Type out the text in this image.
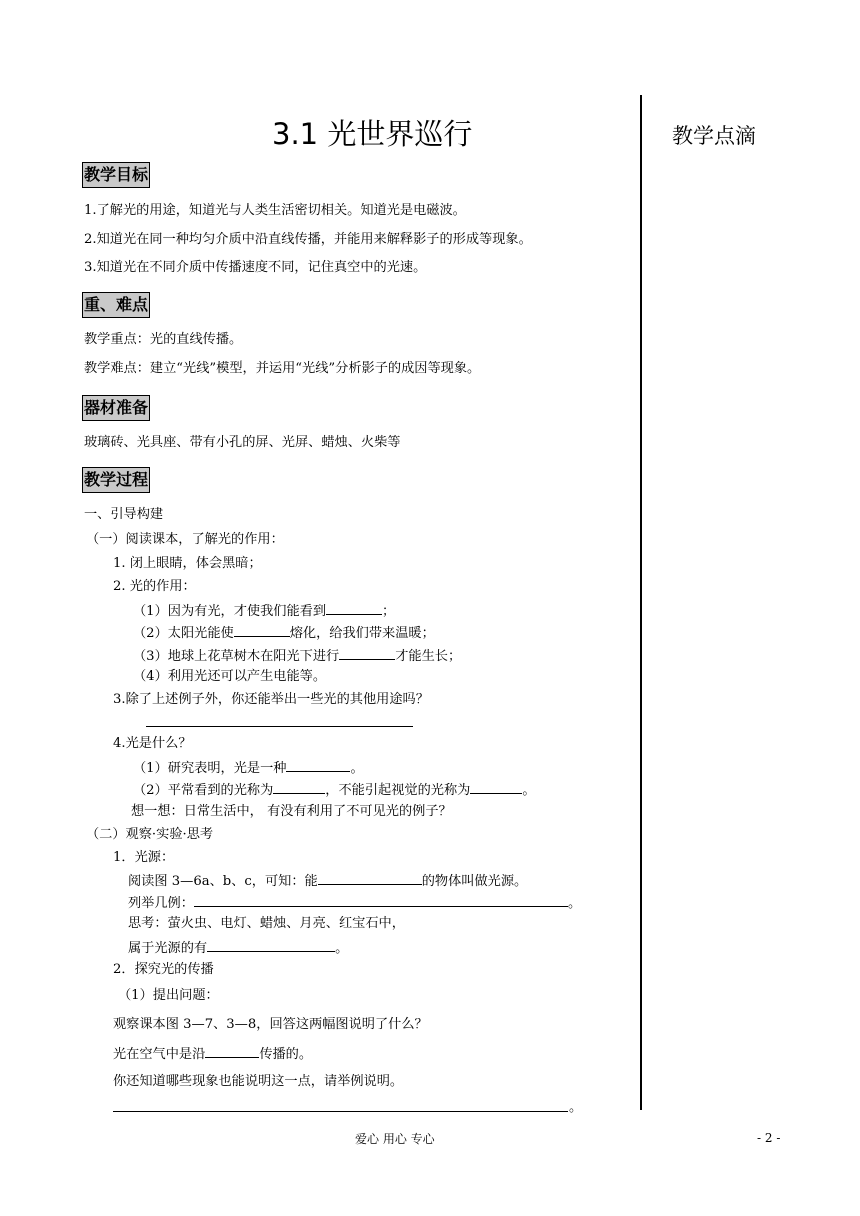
3.1 光世界巡行	教学点滴
教学目标
1.了解光的用途，知道光与人类生活密切相关。知道光是电磁波。
2.知道光在同一种均匀介质中沿直线传播，并能用来解释影子的形成等现象。
3.知道光在不同介质中传播速度不同，记住真空中的光速。
重、难点
教学重点：光的直线传播。
教学难点：建立“光线”模型，并运用“光线”分析影子的成因等现象。
器材准备
玻璃砖、光具座、带有小孔的屏、光屏、蜡烛、火柴等
教学过程
一、引导构建
（一）阅读课本，了解光的作用：
1. 闭上眼睛，体会黑暗；
2. 光的作用：
（1）因为有光，才使我们能看到	；
（2）太阳光能使	熔化，给我们带来温暖；
（3）地球上花草树木在阳光下进行	才能生长；
（4）利用光还可以产生电能等。
3.除了上述例子外，你还能举出一些光的其他用途吗？
4.光是什么？
（1）研究表明，光是一种	。
（2）平常看到的光称为	，不能引起视觉的光称为	。
想一想：日常生活中， 有没有利用了不可见光的例子？
（二）观察·实验·思考
1．光源：
阅读图 3—6a、b、c，可知：能	的物体叫做光源。
列举几例：	。
思考：萤火虫、电灯、蜡烛、月亮、红宝石中，
属于光源的有	。
2．探究光的传播
（1）提出问题：
观察课本图 3—7、3—8，回答这两幅图说明了什么？
光在空气中是沿	传播的。
你还知道哪些现象也能说明这一点，请举例说明。
。
爱心 用心 专心	- 2 -
